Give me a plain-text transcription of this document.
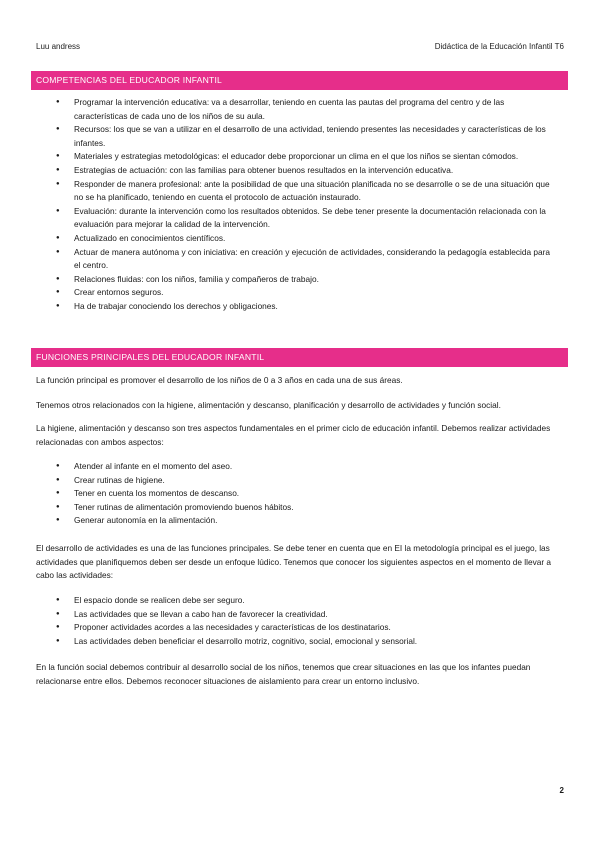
Luu andress	Didáctica de la Educación Infantil T6
COMPETENCIAS DEL EDUCADOR INFANTIL
● Programar la intervención educativa: va a desarrollar, teniendo en cuenta las pautas del programa del centro y de las características de cada uno de los niños de su aula.
● Recursos: los que se van a utilizar en el desarrollo de una actividad, teniendo presentes las necesidades y características de los infantes.
● Materiales y estrategias metodológicas: el educador debe proporcionar un clima en el que los niños se sientan cómodos.
● Estrategias de actuación: con las familias para obtener buenos resultados en la intervención educativa.
● Responder de manera profesional: ante la posibilidad de que una situación planificada no se desarrolle o se de una situación que no se ha planificado, teniendo en cuenta el protocolo de actuación instaurado.
● Evaluación: durante la intervención como los resultados obtenidos. Se debe tener presente la documentación relacionada con la evaluación para mejorar la calidad de la intervención.
● Actualizado en conocimientos científicos.
● Actuar de manera autónoma y con iniciativa: en creación y ejecución de actividades, considerando la pedagogía establecida para el centro.
● Relaciones fluidas: con los niños, familia y compañeros de trabajo.
● Crear entornos seguros.
● Ha de trabajar conociendo los derechos y obligaciones.
FUNCIONES PRINCIPALES DEL EDUCADOR INFANTIL

La función principal es promover el desarrollo de los niños de 0 a 3 años en cada una de sus áreas.

Tenemos otros relacionados con la higiene, alimentación y descanso, planificación y desarrollo de actividades y función social.

La higiene, alimentación y descanso son tres aspectos fundamentales en el primer ciclo de educación infantil. Debemos realizar actividades relacionadas con ambos aspectos:

● Atender al infante en el momento del aseo.
● Crear rutinas de higiene.
● Tener en cuenta los momentos de descanso.
● Tener rutinas de alimentación promoviendo buenos hábitos.
● Generar autonomía en la alimentación.

El desarrollo de actividades es una de las funciones principales. Se debe tener en cuenta que en EI la metodología principal es el juego, las actividades que planifiquemos deben ser desde un enfoque lúdico. Tenemos que conocer los siguientes aspectos en el momento de llevar a cabo las actividades:

● El espacio donde se realicen debe ser seguro.
● Las actividades que se llevan a cabo han de favorecer la creatividad.
● Proponer actividades acordes a las necesidades y características de los destinatarios.
● Las actividades deben beneficiar el desarrollo motriz, cognitivo, social, emocional y sensorial.

En la función social debemos contribuir al desarrollo social de los niños, tenemos que crear situaciones en las que los infantes puedan relacionarse entre ellos. Debemos reconocer situaciones de aislamiento para crear un entorno inclusivo.

2
